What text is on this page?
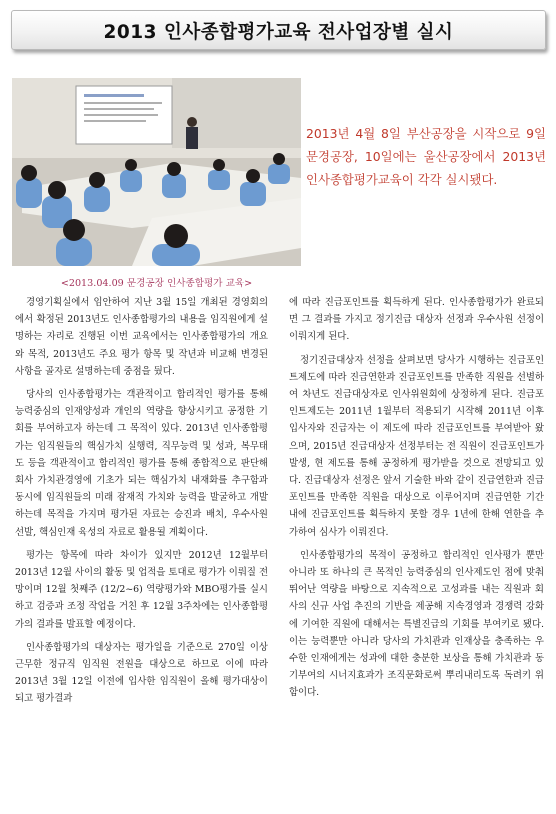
2013 인사종합평가교육 전사업장별 실시
<2013.04.09 문경공장 인사종합평가 교육>
2013년 4월 8일 부산공장을 시작으로 9일 문경공장, 10일에는 울산공장에서 2013년 인사종합평가교육이 각각 실시됐다.

경영기획실에서 임안하여 지난 3월 15일 개최된 경영회의에서 확정된 2013년도 인사종합평가의 내용을 임직원에게 설명하는 자리로 진행된 이번 교육에서는 인사종합평가의 개요와 목적, 2013년도 주요 평가 항목 및 작년과 비교해 변경된 사항을 골자로 설명하는데 중점을 뒀다.

당사의 인사종합평가는 객관적이고 합리적인 평가를 통해 능력중심의 인재양성과 개인의 역량을 향상시키고 공정한 기회를 부여하고자 하는데 그 목적이 있다. 2013년 인사종합평가는 임직원들의 핵심가치 실행력, 직무능력 및 성과, 복무태도 등을 객관적이고 합리적인 평가를 통해 종합적으로 판단해 회사 가치관경영에 기초가 되는 핵심가치 내재화를 추구함과 동시에 임직원들의 미래 잠재적 가치와 능력을 발굴하고 개발하는데 목적을 가지며 평가된 자료는 승진과 배치, 우수사원 선발, 핵심인재 육성의 자료로 활용될 계획이다.

평가는 항목에 따라 차이가 있지만 2012년 12월부터 2013년 12월 사이의 활동 및 업적을 토대로 평가가 이뤄질 전망이며 12월 첫째주 (12/2~6) 역량평가와 MBO평가를 실시하고 검증과 조정 작업을 거친 후 12월 3주차에는 인사종합평가의 결과를 발표할 예정이다.

인사종합평가의 대상자는 평가일을 기준으로 270일 이상 근무한 정규직 임직원 전원을 대상으로 하므로 이에 따라 2013년 3월 12일 이전에 입사한 임직원이 올해 평가대상이 되고 평가결과

에 따라 진급포인트를 획득하게 된다. 인사종합평가가 완료되면 그 결과를 가지고 정기진급 대상자 선정과 우수사원 선정이 이뤄지게 된다.

정기진급대상자 선정을 살펴보면 당사가 시행하는 진급포인트제도에 따라 진급연한과 진급포인트를 만족한 직원을 선별하여 차년도 진급대상자로 인사위원회에 상정하게 된다. 진급포인트제도는 2011년 1월부터 적용되기 시작해 2011년 이후 입사자와 진급자는 이 제도에 따라 진급포인트를 부여받아 왔으며, 2015년 진급대상자 선정부터는 전 직원이 진급포인트가 발생, 현 제도를 통해 공정하게 평가받을 것으로 전망되고 있다. 진급대상자 선정은 앞서 기술한 바와 같이 진급연한과 진급포인트를 만족한 직원을 대상으로 이루어지며 진급연한 기간 내에 진급포인트를 획득하지 못할 경우 1년에 한해 연한을 추가하여 심사가 이뤄진다.

인사종합평가의 목적이 공정하고 합리적인 인사평가 뿐만 아니라 또 하나의 큰 목적인 능력중심의 인사제도인 점에 맞춰 뛰어난 역량을 바탕으로 지속적으로 고성과를 내는 직원과 회사의 신규 사업 추진의 기반을 제공해 지속경영과 경쟁력 강화에 기여한 직원에 대해서는 특별진급의 기회를 부여키로 됐다. 이는 능력뿐만 아니라 당사의 가치관과 인재상을 충족하는 우수한 인재에게는 성과에 대한 충분한 보상을 통해 가치관과 동기부여의 시너지효과가 조직문화로써 뿌리내리도록 독려키 위함이다.
